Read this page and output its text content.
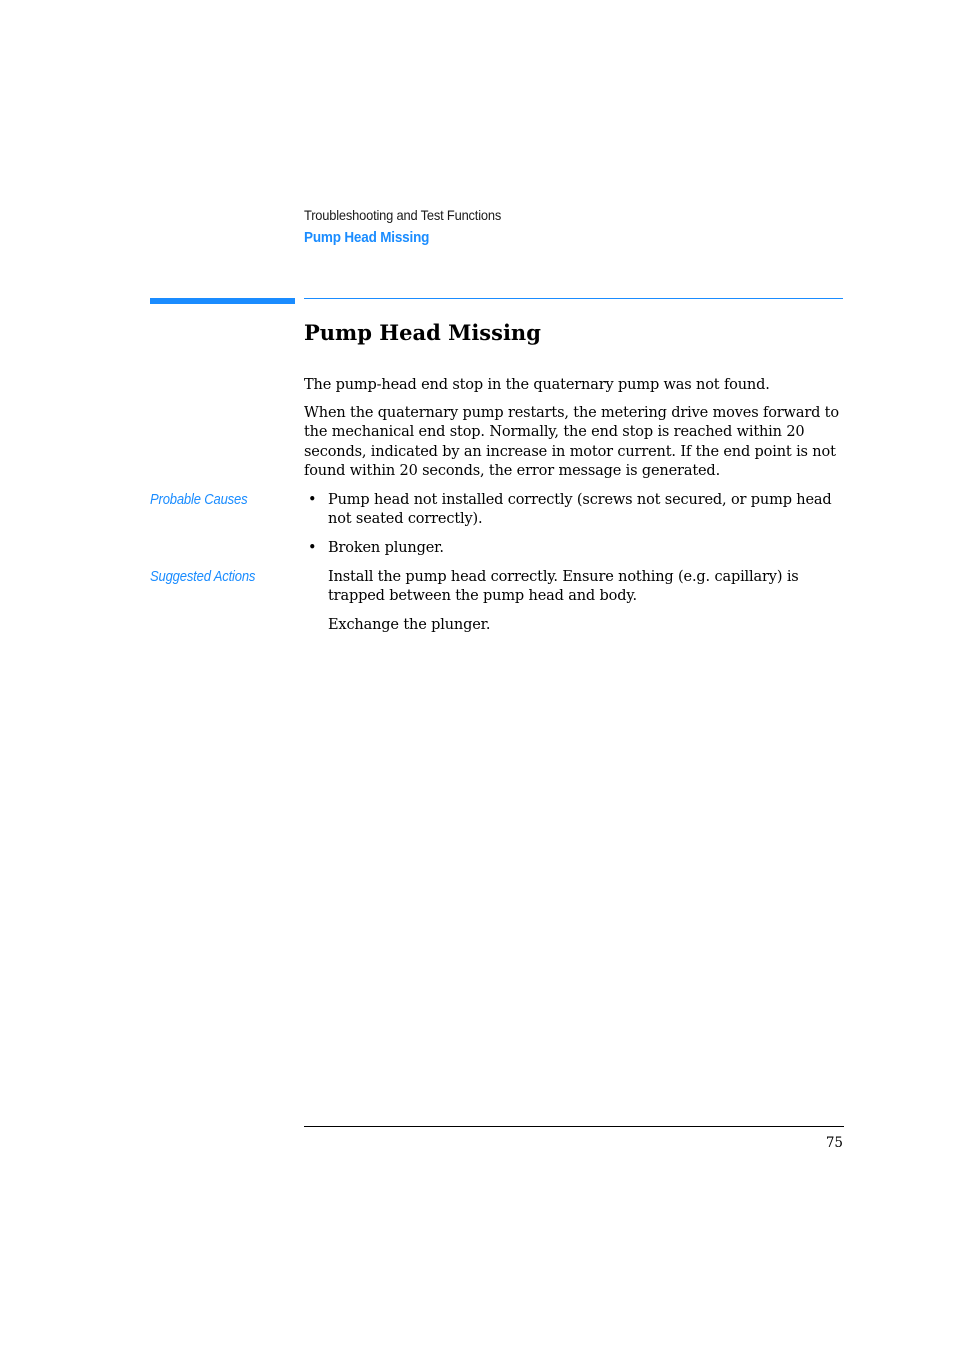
Troubleshooting and Test Functions
Pump Head Missing
Pump Head Missing

The pump-head end stop in the quaternary pump was not found.

When the quaternary pump restarts, the metering drive moves forward to the mechanical end stop. Normally, the end stop is reached within 20 seconds, indicated by an increase in motor current. If the end point is not found within 20 seconds, the error message is generated.

Probable Causes	• Pump head not installed correctly (screws not secured, or pump head not seated correctly).
• Broken plunger.
Suggested Actions	Install the pump head correctly. Ensure nothing (e.g. capillary) is trapped between the pump head and body.

Exchange the plunger.

75
